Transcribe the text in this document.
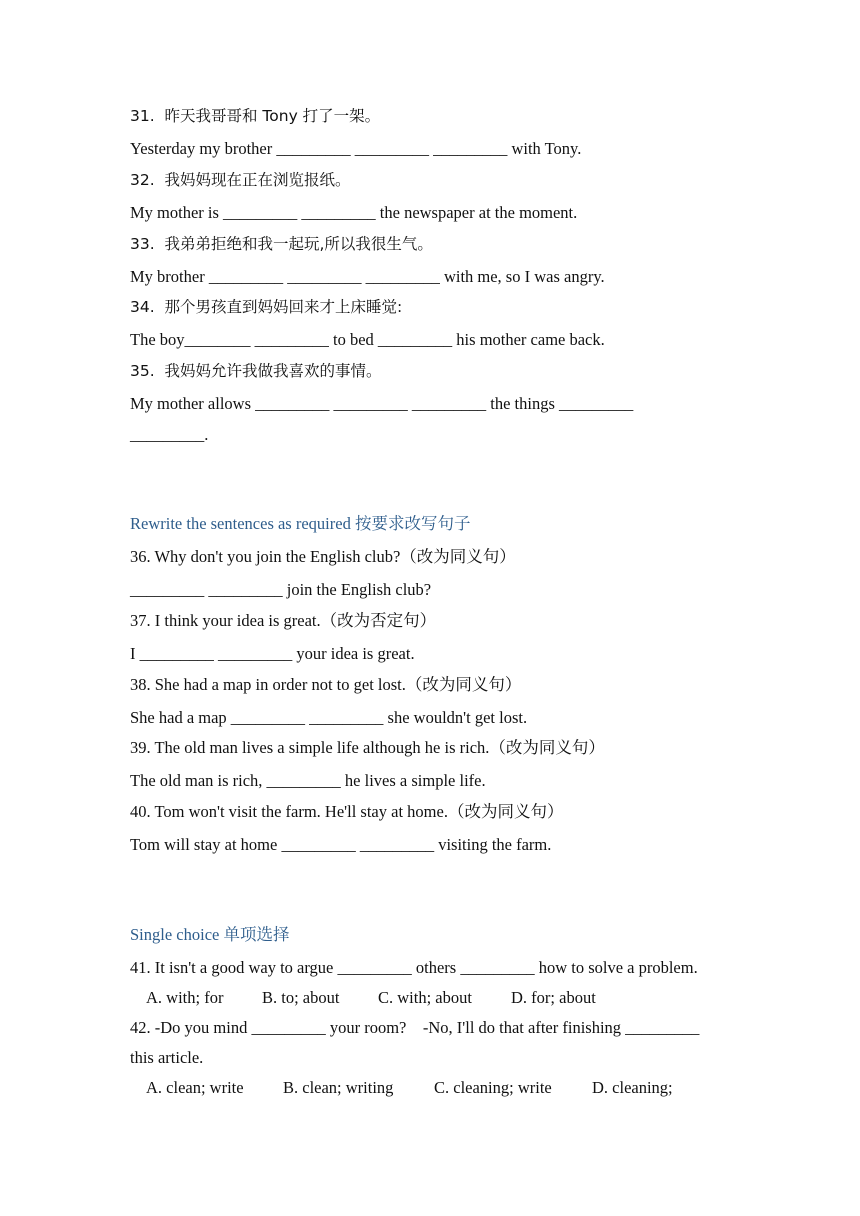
31.  昨天我哥哥和 Tony 打了一架。
Yesterday my brother _________ _________ _________ with Tony.
32.  我妈妈现在正在浏览报纸。
My mother is _________ _________ the newspaper at the moment.
33.  我弟弟拒绝和我一起玩,所以我很生气。
My brother _________ _________ _________ with me, so I was angry.
34.  那个男孩直到妈妈回来才上床睡觉:
The boy________ _________ to bed _________ his mother came back.
35.  我妈妈允许我做我喜欢的事情。
My mother allows _________ _________ _________ the things _________
_________.
Rewrite the sentences as required 按要求改写句子
36. Why don't you join the English club?（改为同义句）
_________ _________ join the English club?
37. I think your idea is great.（改为否定句）
I _________ _________ your idea is great.
38. She had a map in order not to get lost.（改为同义句）
She had a map _________ _________ she wouldn't get lost.
39. The old man lives a simple life although he is rich.（改为同义句）
The old man is rich, _________ he lives a simple life.
40. Tom won't visit the farm. He'll stay at home.（改为同义句）
Tom will stay at home _________ _________ visiting the farm.
Single choice 单项选择
41. It isn't a good way to argue _________ others _________ how to solve a problem.

A. with; for

B. to; about

C. with; about

D. for; about

42. -Do you mind _________ your room?    -No, I'll do that after finishing _________
this article.

A. clean; write

B. clean; writing

C. cleaning; write

D. cleaning;
